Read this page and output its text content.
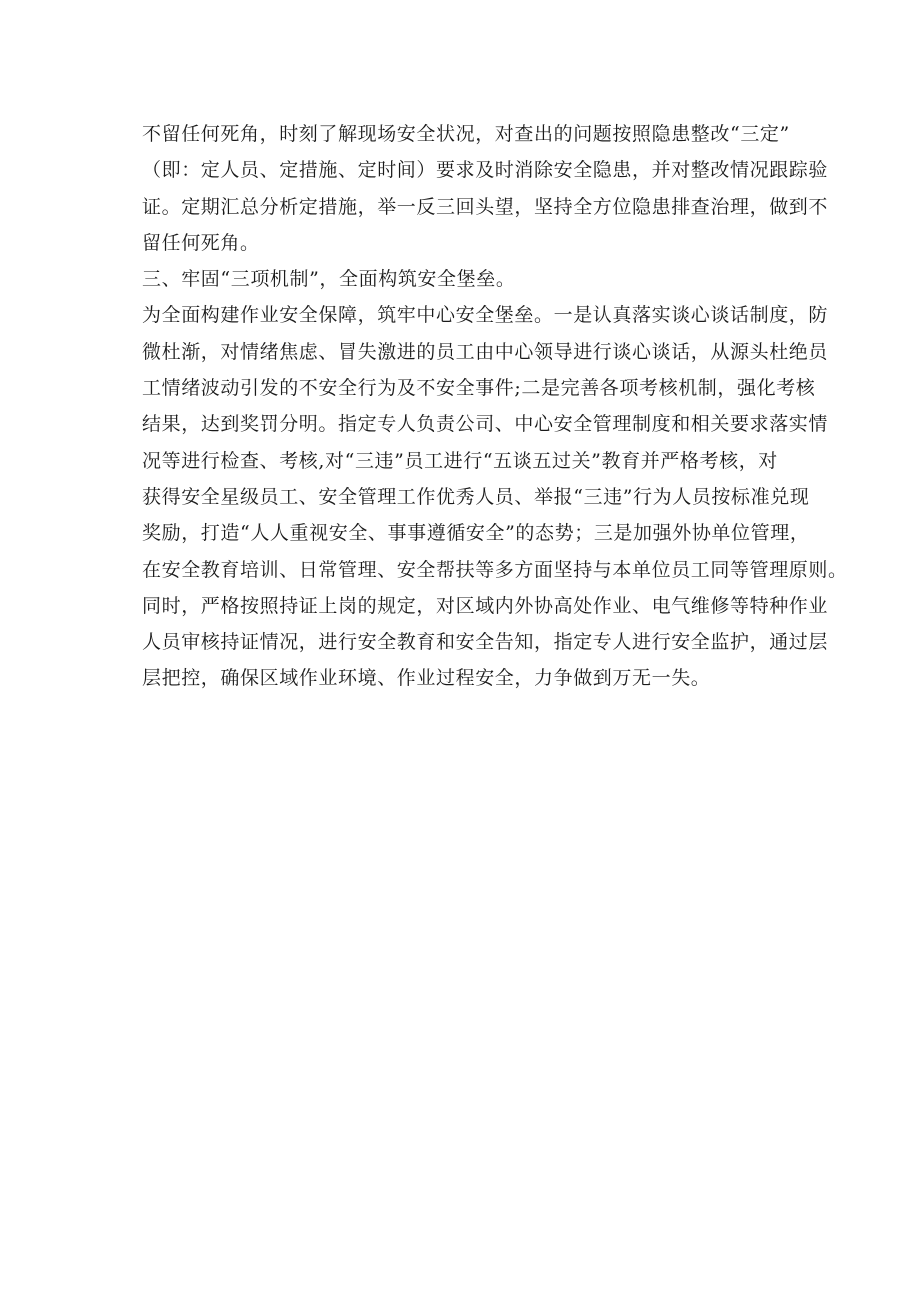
不留任何死角，时刻了解现场安全状况，对查出的问题按照隐患整改“三定”
（即：定人员、定措施、定时间）要求及时消除安全隐患，并对整改情况跟踪验
证。定期汇总分析定措施，举一反三回头望，坚持全方位隐患排查治理，做到不
留任何死角。
三、牢固“三项机制”，全面构筑安全堡垒。
为全面构建作业安全保障，筑牢中心安全堡垒。一是认真落实谈心谈话制度，防
微杜渐，对情绪焦虑、冒失激进的员工由中心领导进行谈心谈话，从源头杜绝员
工情绪波动引发的不安全行为及不安全事件;二是完善各项考核机制，强化考核
结果，达到奖罚分明。指定专人负责公司、中心安全管理制度和相关要求落实情
况等进行检查、考核,对“三违”员工进行“五谈五过关”教育并严格考核，对
获得安全星级员工、安全管理工作优秀人员、举报“三违”行为人员按标准兑现
奖励，打造“人人重视安全、事事遵循安全”的态势；三是加强外协单位管理，
在安全教育培训、日常管理、安全帮扶等多方面坚持与本单位员工同等管理原则。
同时，严格按照持证上岗的规定，对区域内外协高处作业、电气维修等特种作业
人员审核持证情况，进行安全教育和安全告知，指定专人进行安全监护，通过层
层把控，确保区域作业环境、作业过程安全，力争做到万无一失。
